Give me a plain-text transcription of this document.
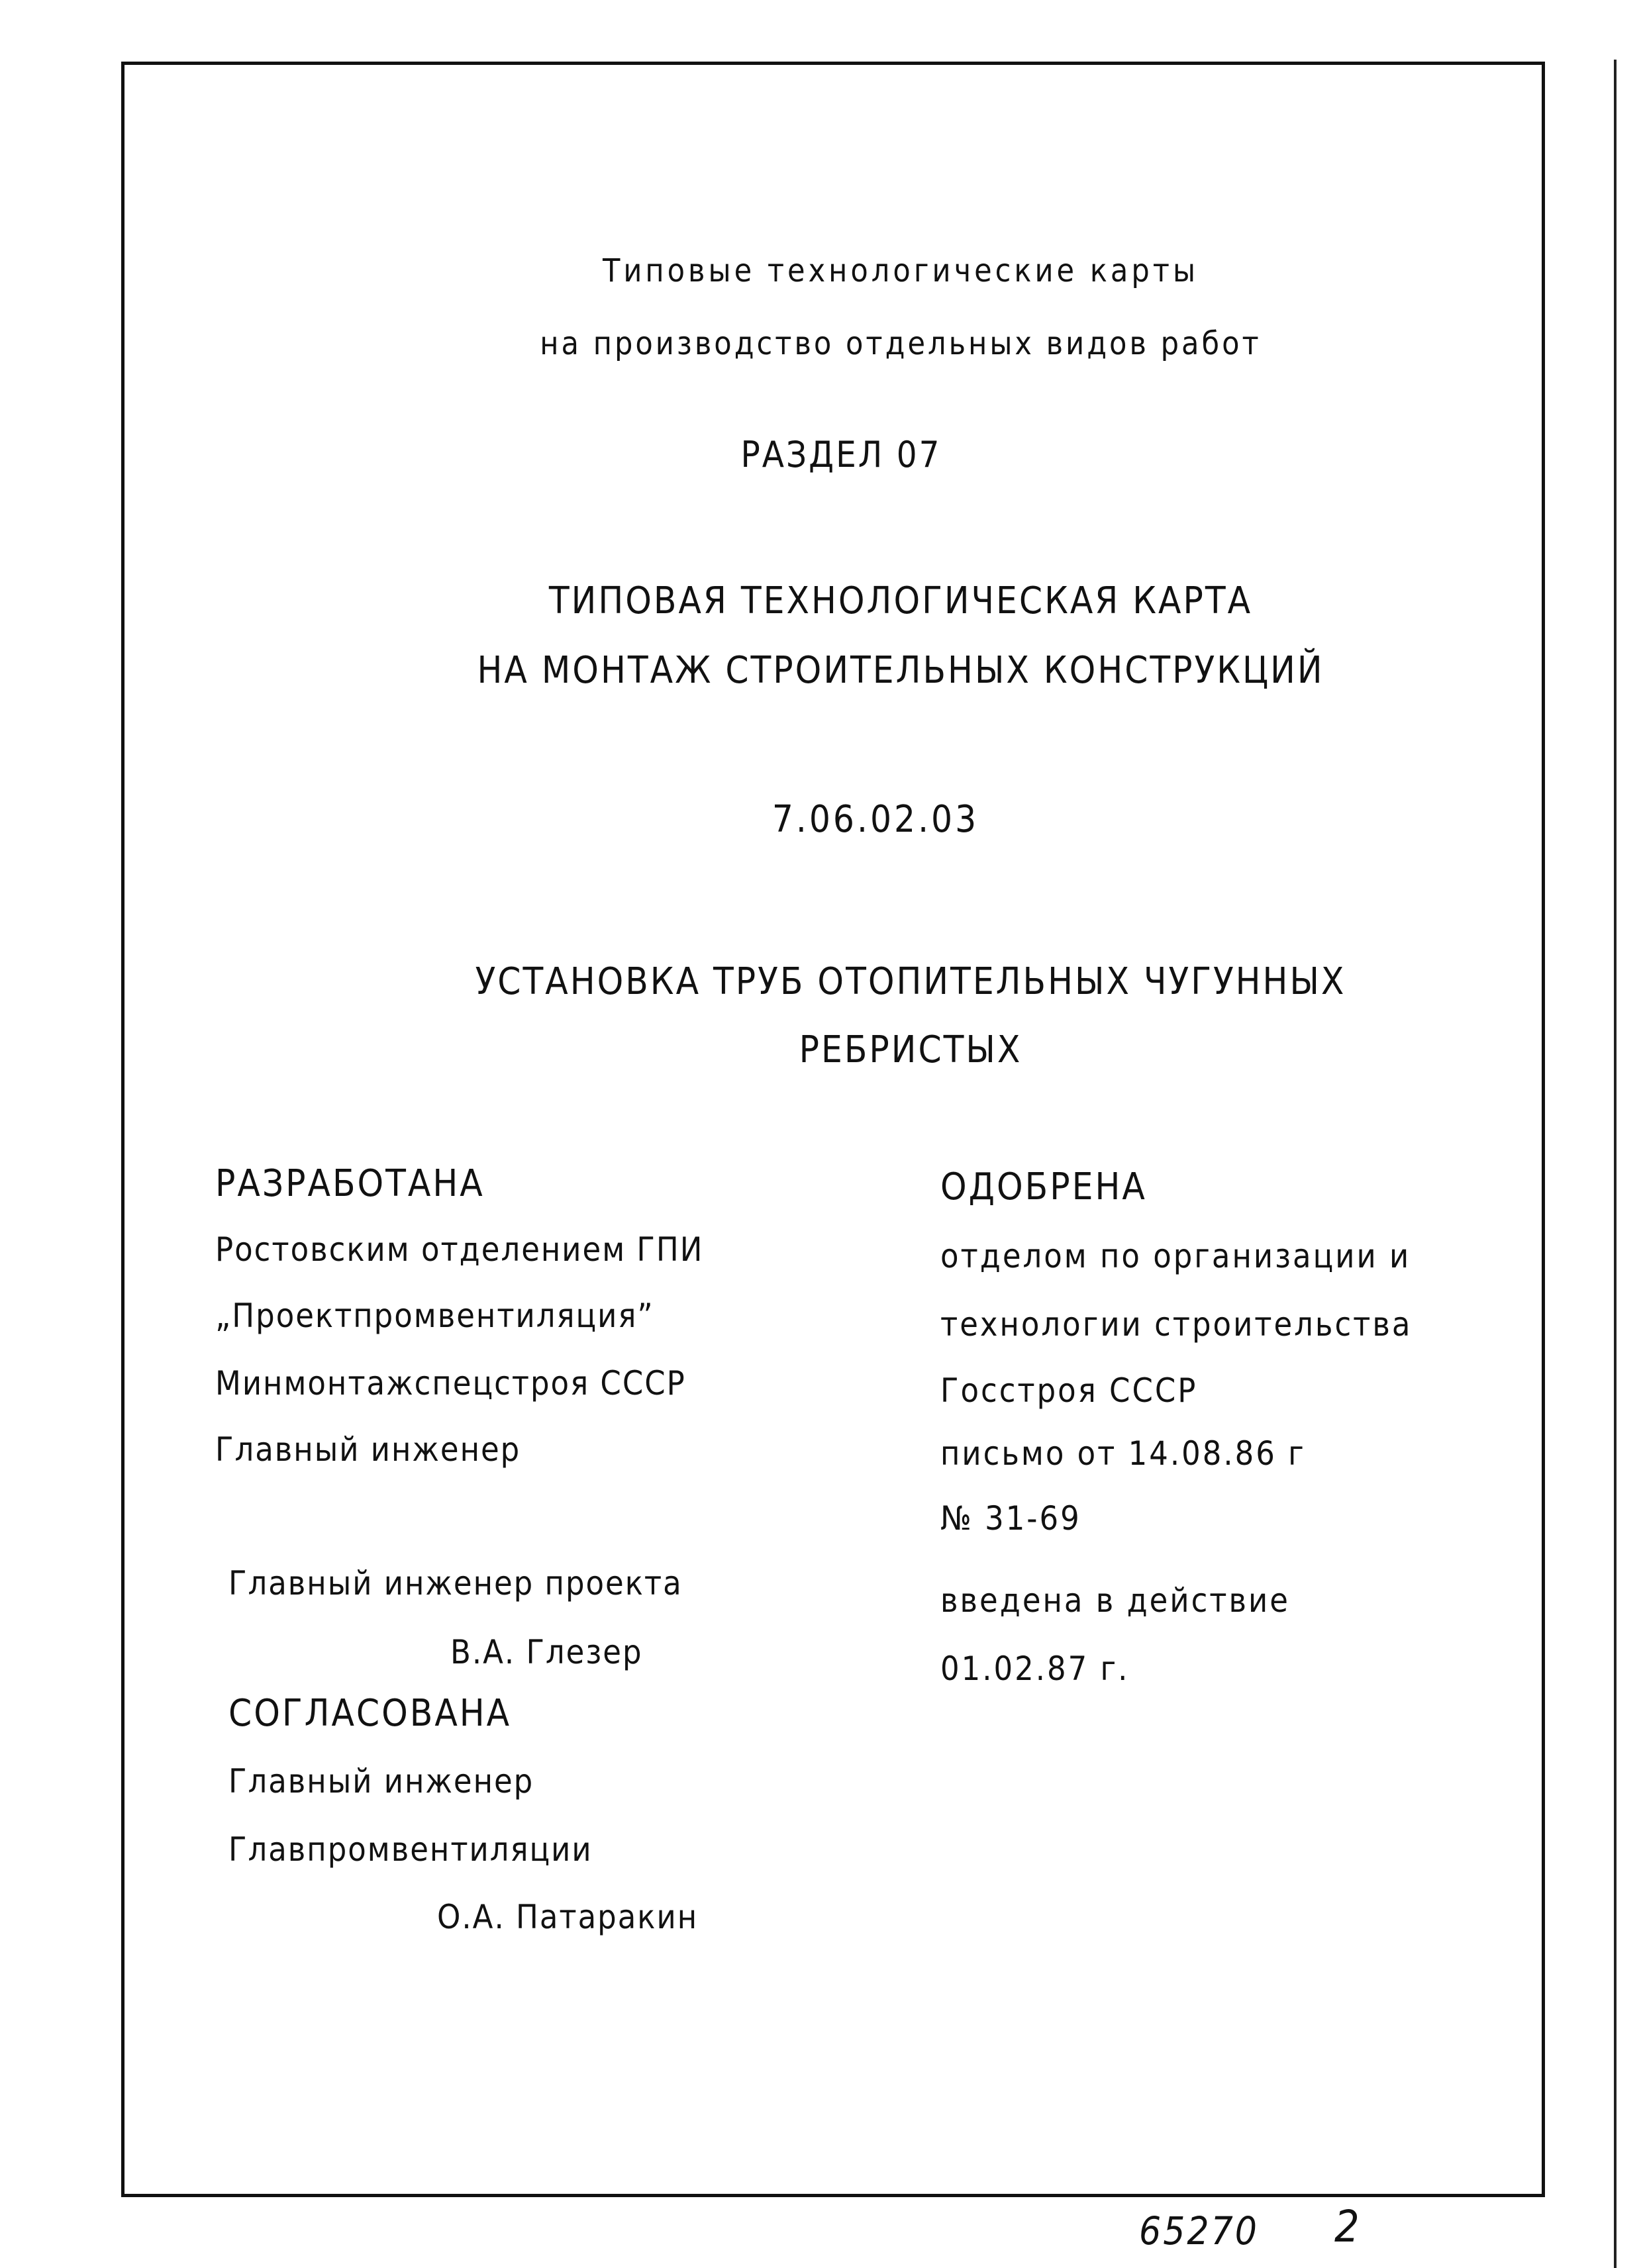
Типовые технологические карты
на производство отдельных видов работ
РАЗДЕЛ 07
ТИПОВАЯ ТЕХНОЛОГИЧЕСКАЯ КАРТА
НА МОНТАЖ СТРОИТЕЛЬНЫХ КОНСТРУКЦИЙ
7.06.02.03
УСТАНОВКА ТРУБ ОТОПИТЕЛЬНЫХ ЧУГУННЫХ
РЕБРИСТЫХ
РАЗРАБОТАНА
Ростовским отделением ГПИ
„Проектпромвентиляция”
Минмонтажспецстроя СССР
Главный инженер
Главный инженер проекта
В.А. Глезер
СОГЛАСОВАНА
Главный инженер
Главпромвентиляции
О.А. Патаракин
ОДОБРЕНА
отделом по организации и
технологии строительства
Госстроя СССР
письмо от 14.08.86 г
№ 31-69
введена в действие
01.02.87 г.
65270 2
